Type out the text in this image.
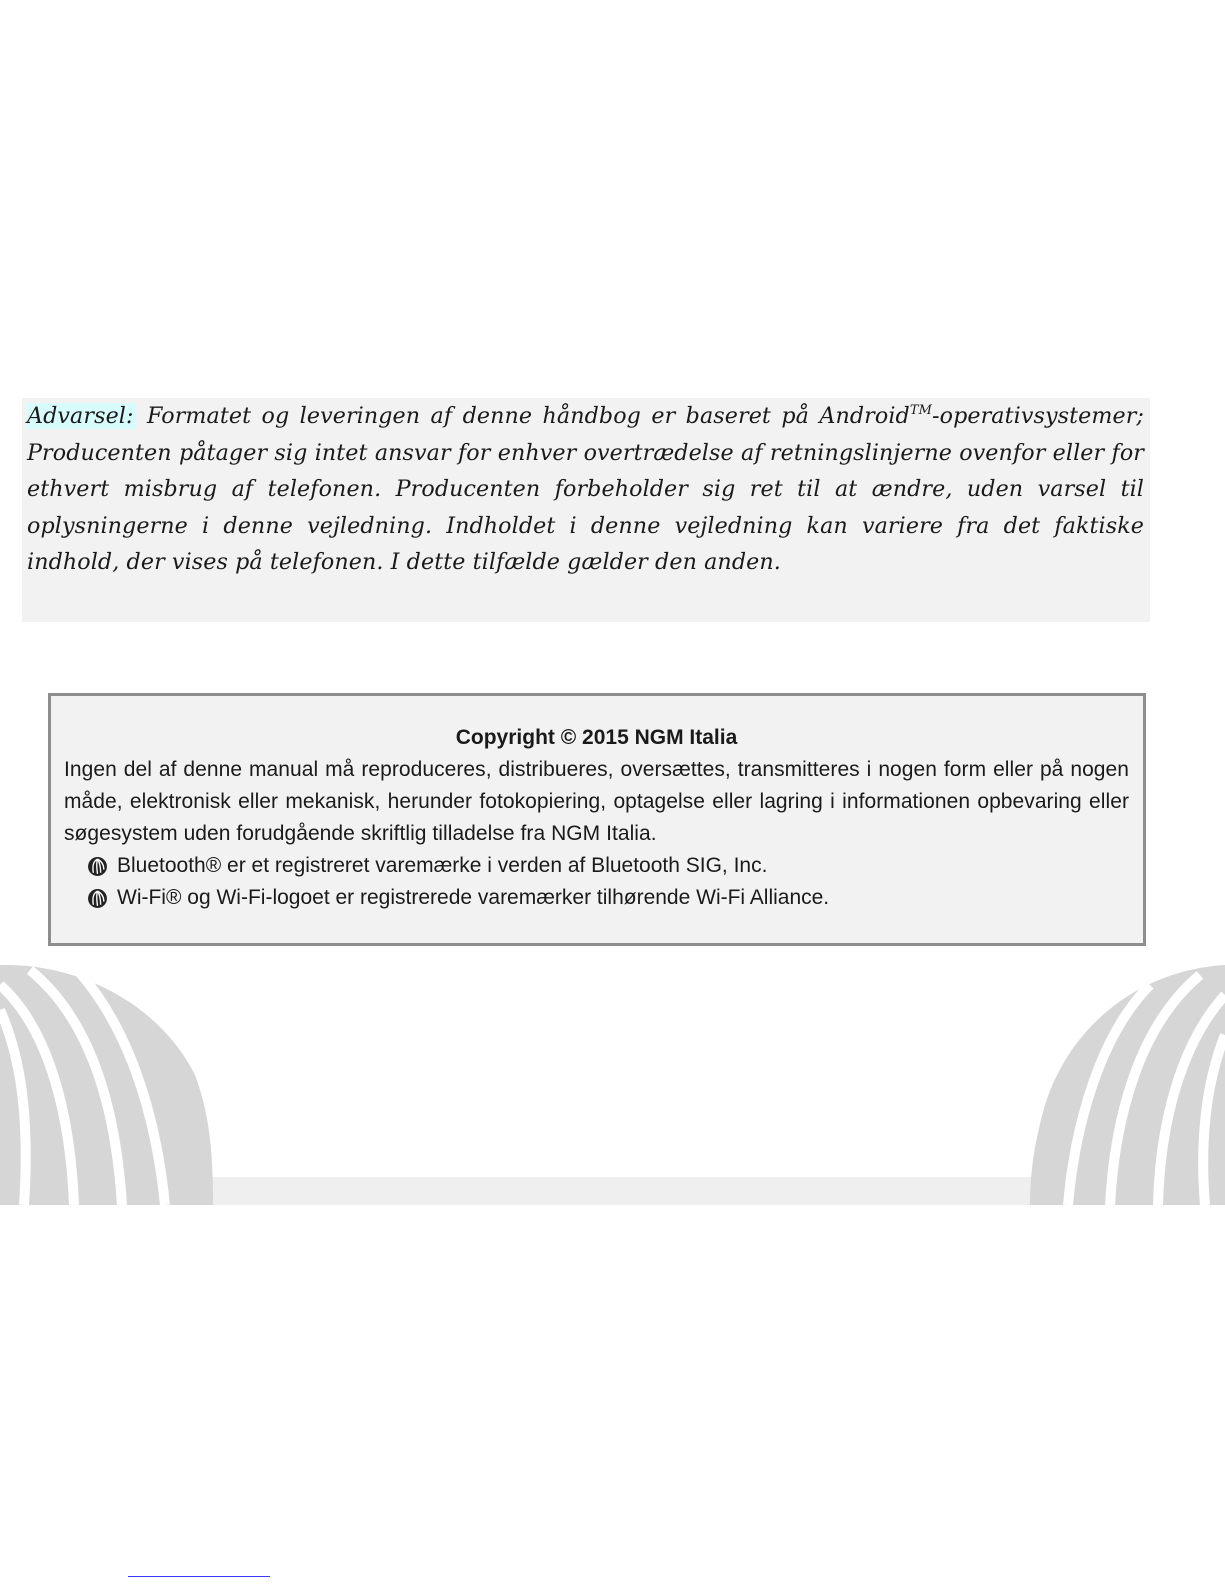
Advarsel: Formatet og leveringen af denne håndbog er baseret på Android™-operativsystemer; Producenten påtager sig intet ansvar for enhver overtrædelse af retningslinjerne ovenfor eller for ethvert misbrug af telefonen. Producenten forbeholder sig ret til at ændre, uden varsel til oplysningerne i denne vejledning. Indholdet i denne vejledning kan variere fra det faktiske indhold, der vises på telefonen. I dette tilfælde gælder den anden.

Copyright © 2015 NGM Italia

Ingen del af denne manual må reproduceres, distribueres, oversættes, transmitteres i nogen form eller på nogen måde, elektronisk eller mekanisk, herunder fotokopiering, optagelse eller lagring i informationen opbevaring eller søgesystem uden forudgående skriftlig tilladelse fra NGM Italia.

Bluetooth® er et registreret varemærke i verden af Bluetooth SIG, Inc.
Wi-Fi® og Wi-Fi-logoet er registrerede varemærker tilhørende Wi-Fi Alliance.
